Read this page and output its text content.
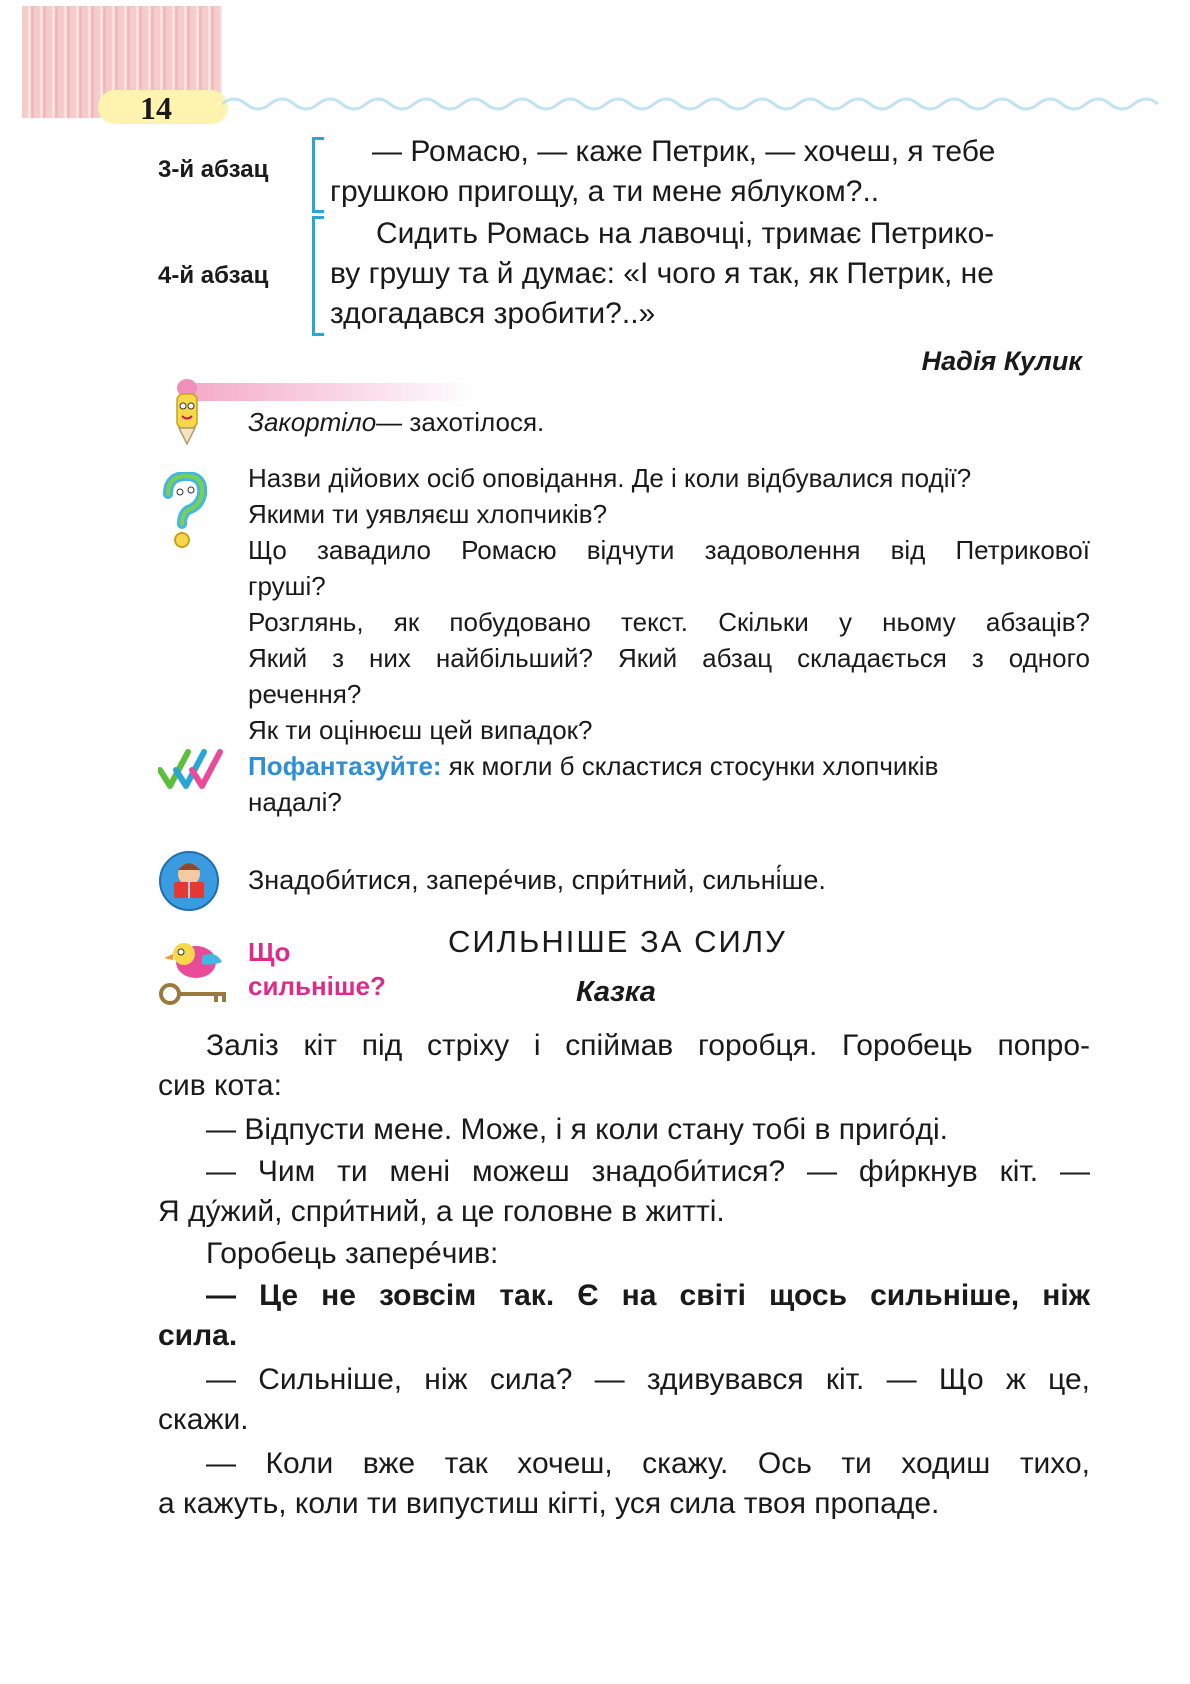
14
3-й абзац
— Ромасю, — каже Петрик, — хочеш, я тебе
грушкою пригощу, а ти мене яблуком?..
4-й абзац
Сидить Ромась на лавочці, тримає Петрико-
ву грушу та й думає: «І чого я так, як Петрик, не
здогадався зробити?..»
Надія Кулик
Закортіло— захотілося.
Назви дійових осіб оповідання. Де і коли відбувалися події?
Якими ти уявляєш хлопчиків?
Що завадило Ромасю відчути задоволення від Петрикової
груші?
Розглянь, як побудовано текст. Скільки у ньому абзаців?
Який з них найбільший? Який абзац складається з одного
речення?
Як ти оцінюєш цей випадок?
Пофантазуйте: як могли б скластися стосунки хлопчиків
надалі?
Знадоби́тися, заперéчив, спри́тний, сильні́ше.
Що
сильніше?
СИЛЬНІШЕ ЗА СИЛУ
Казка
Заліз кіт під стріху і спіймав горобця. Горобець попро-
сив кота:
— Відпусти мене. Може, і я коли стану тобі в приго́ді.
— Чим ти мені можеш знадоби́тися? — фи́ркнув кіт. —
Я ду́жий, спри́тний, а це головне в житті.
Горобець заперéчив:
— Це не зовсім так. Є на світі щось сильніше, ніж
сила.
— Сильніше, ніж сила? — здивувався кіт. — Що ж це,
скажи.
— Коли вже так хочеш, скажу. Ось ти ходиш тихо,
а кажуть, коли ти випустиш кігті, уся сила твоя пропаде.
